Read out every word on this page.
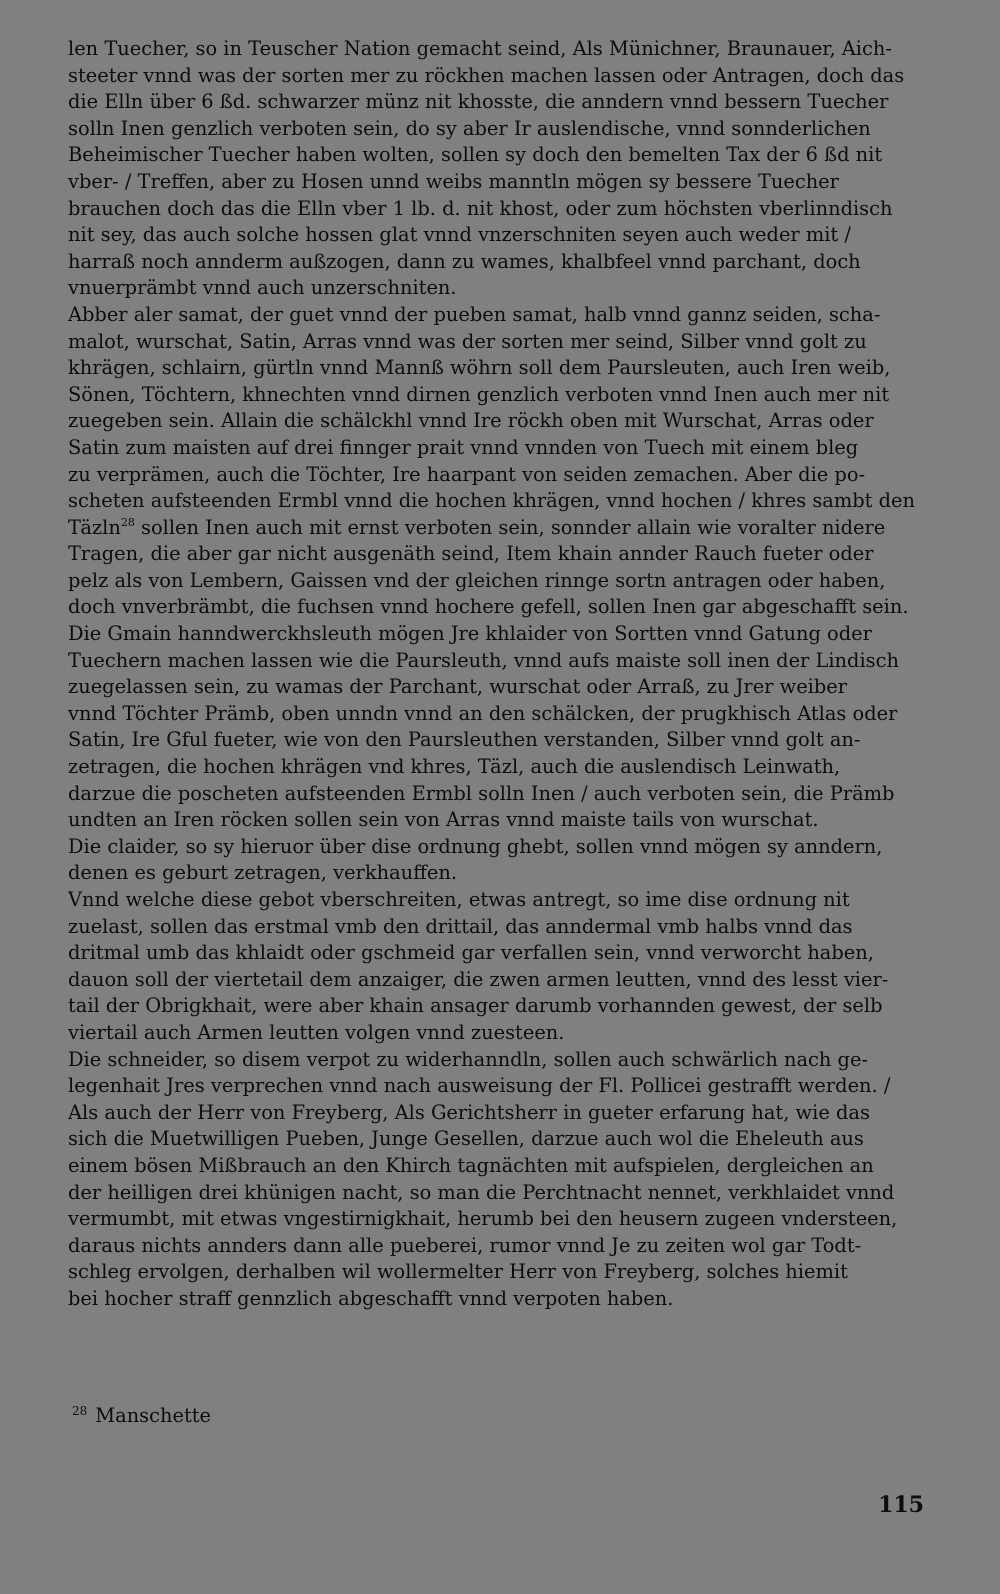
len Tuecher, so in Teuscher Nation gemacht seind, Als Münichner, Braunauer, Aich-
steeter vnnd was der sorten mer zu röckhen machen lassen oder Antragen, doch das
die Elln über 6 ßd. schwarzer münz nit khosste, die anndern vnnd bessern Tuecher
solln Inen genzlich verboten sein, do sy aber Ir auslendische, vnnd sonnderlichen
Beheimischer Tuecher haben wolten, sollen sy doch den bemelten Tax der 6 ßd nit
vber- / Treffen, aber zu Hosen unnd weibs manntln mögen sy bessere Tuecher
brauchen doch das die Elln vber 1 lb. d. nit khost, oder zum höchsten vberlinndisch
nit sey, das auch solche hossen glat vnnd vnzerschniten seyen auch weder mit /
harraß noch annderm außzogen, dann zu wames, khalbfeel vnnd parchant, doch
vnuerprämbt vnnd auch unzerschniten.

Abber aler samat, der guet vnnd der pueben samat, halb vnnd gannz seiden, scha-
malot, wurschat, Satin, Arras vnnd was der sorten mer seind, Silber vnnd golt zu
khrägen, schlairn, gürtln vnnd Mannß wöhrn soll dem Paursleuten, auch Iren weib,
Sönen, Töchtern, khnechten vnnd dirnen genzlich verboten vnnd Inen auch mer nit
zuegeben sein. Allain die schälckhl vnnd Ire röckh oben mit Wurschat, Arras oder
Satin zum maisten auf drei finnger prait vnnd vnnden von Tuech mit einem bleg
zu verprämen, auch die Töchter, Ire haarpant von seiden zemachen. Aber die po-
scheten aufsteenden Ermbl vnnd die hochen khrägen, vnnd hochen / khres sambt den
Täzln$^{28}$ sollen Inen auch mit ernst verboten sein, sonnder allain wie voralter nidere
Tragen, die aber gar nicht ausgenäth seind, Item khain annder Rauch fueter oder
pelz als von Lembern, Gaissen vnd der gleichen rinnge sortn antragen oder haben,
doch vnverbrämbt, die fuchsen vnnd hochere gefell, sollen Inen gar abgeschafft sein.

Die Gmain hanndwerckhsleuth mögen Jre khlaider von Sortten vnnd Gatung oder
Tuechern machen lassen wie die Paursleuth, vnnd aufs maiste soll inen der Lindisch
zuegelassen sein, zu wamas der Parchant, wurschat oder Arraß, zu Jrer weiber
vnnd Töchter Prämb, oben unndn vnnd an den schälcken, der prugkhisch Atlas oder
Satin, Ire Gful fueter, wie von den Paursleuthen verstanden, Silber vnnd golt an-
zetragen, die hochen khrägen vnd khres, Täzl, auch die auslendisch Leinwath,
darzue die poscheten aufsteenden Ermbl solln Inen / auch verboten sein, die Prämb
undten an Iren röcken sollen sein von Arras vnnd maiste tails von wurschat.

Die claider, so sy hieruor über dise ordnung ghebt, sollen vnnd mögen sy anndern,
denen es geburt zetragen, verkhauffen.

Vnnd welche diese gebot vberschreiten, etwas antregt, so ime dise ordnung nit
zuelast, sollen das erstmal vmb den drittail, das anndermal vmb halbs vnnd das
dritmal umb das khlaidt oder gschmeid gar verfallen sein, vnnd verworcht haben,
dauon soll der viertetail dem anzaiger, die zwen armen leutten, vnnd des lesst vier-
tail der Obrigkhait, were aber khain ansager darumb vorhannden gewest, der selb
viertail auch Armen leutten volgen vnnd zuesteen.

Die schneider, so disem verpot zu widerhanndln, sollen auch schwärlich nach ge-
legenhait Jres verprechen vnnd nach ausweisung der Fl. Pollicei gestrafft werden. /

Als auch der Herr von Freyberg, Als Gerichtsherr in gueter erfarung hat, wie das
sich die Muetwilligen Pueben, Junge Gesellen, darzue auch wol die Eheleuth aus
einem bösen Mißbrauch an den Khirch tagnächten mit aufspielen, dergleichen an
der heilligen drei khünigen nacht, so man die Perchtnacht nennet, verkhlaidet vnnd
vermumbt, mit etwas vngestirnigkhait, herumb bei den heusern zugeen vndersteen,
daraus nichts annders dann alle pueberei, rumor vnnd Je zu zeiten wol gar Todt-
schleg ervolgen, derhalben wil wollermelter Herr von Freyberg, solches hiemit
bei hocher straff gennzlich abgeschafft vnnd verpoten haben.

$^{28}$ Manschette
115
